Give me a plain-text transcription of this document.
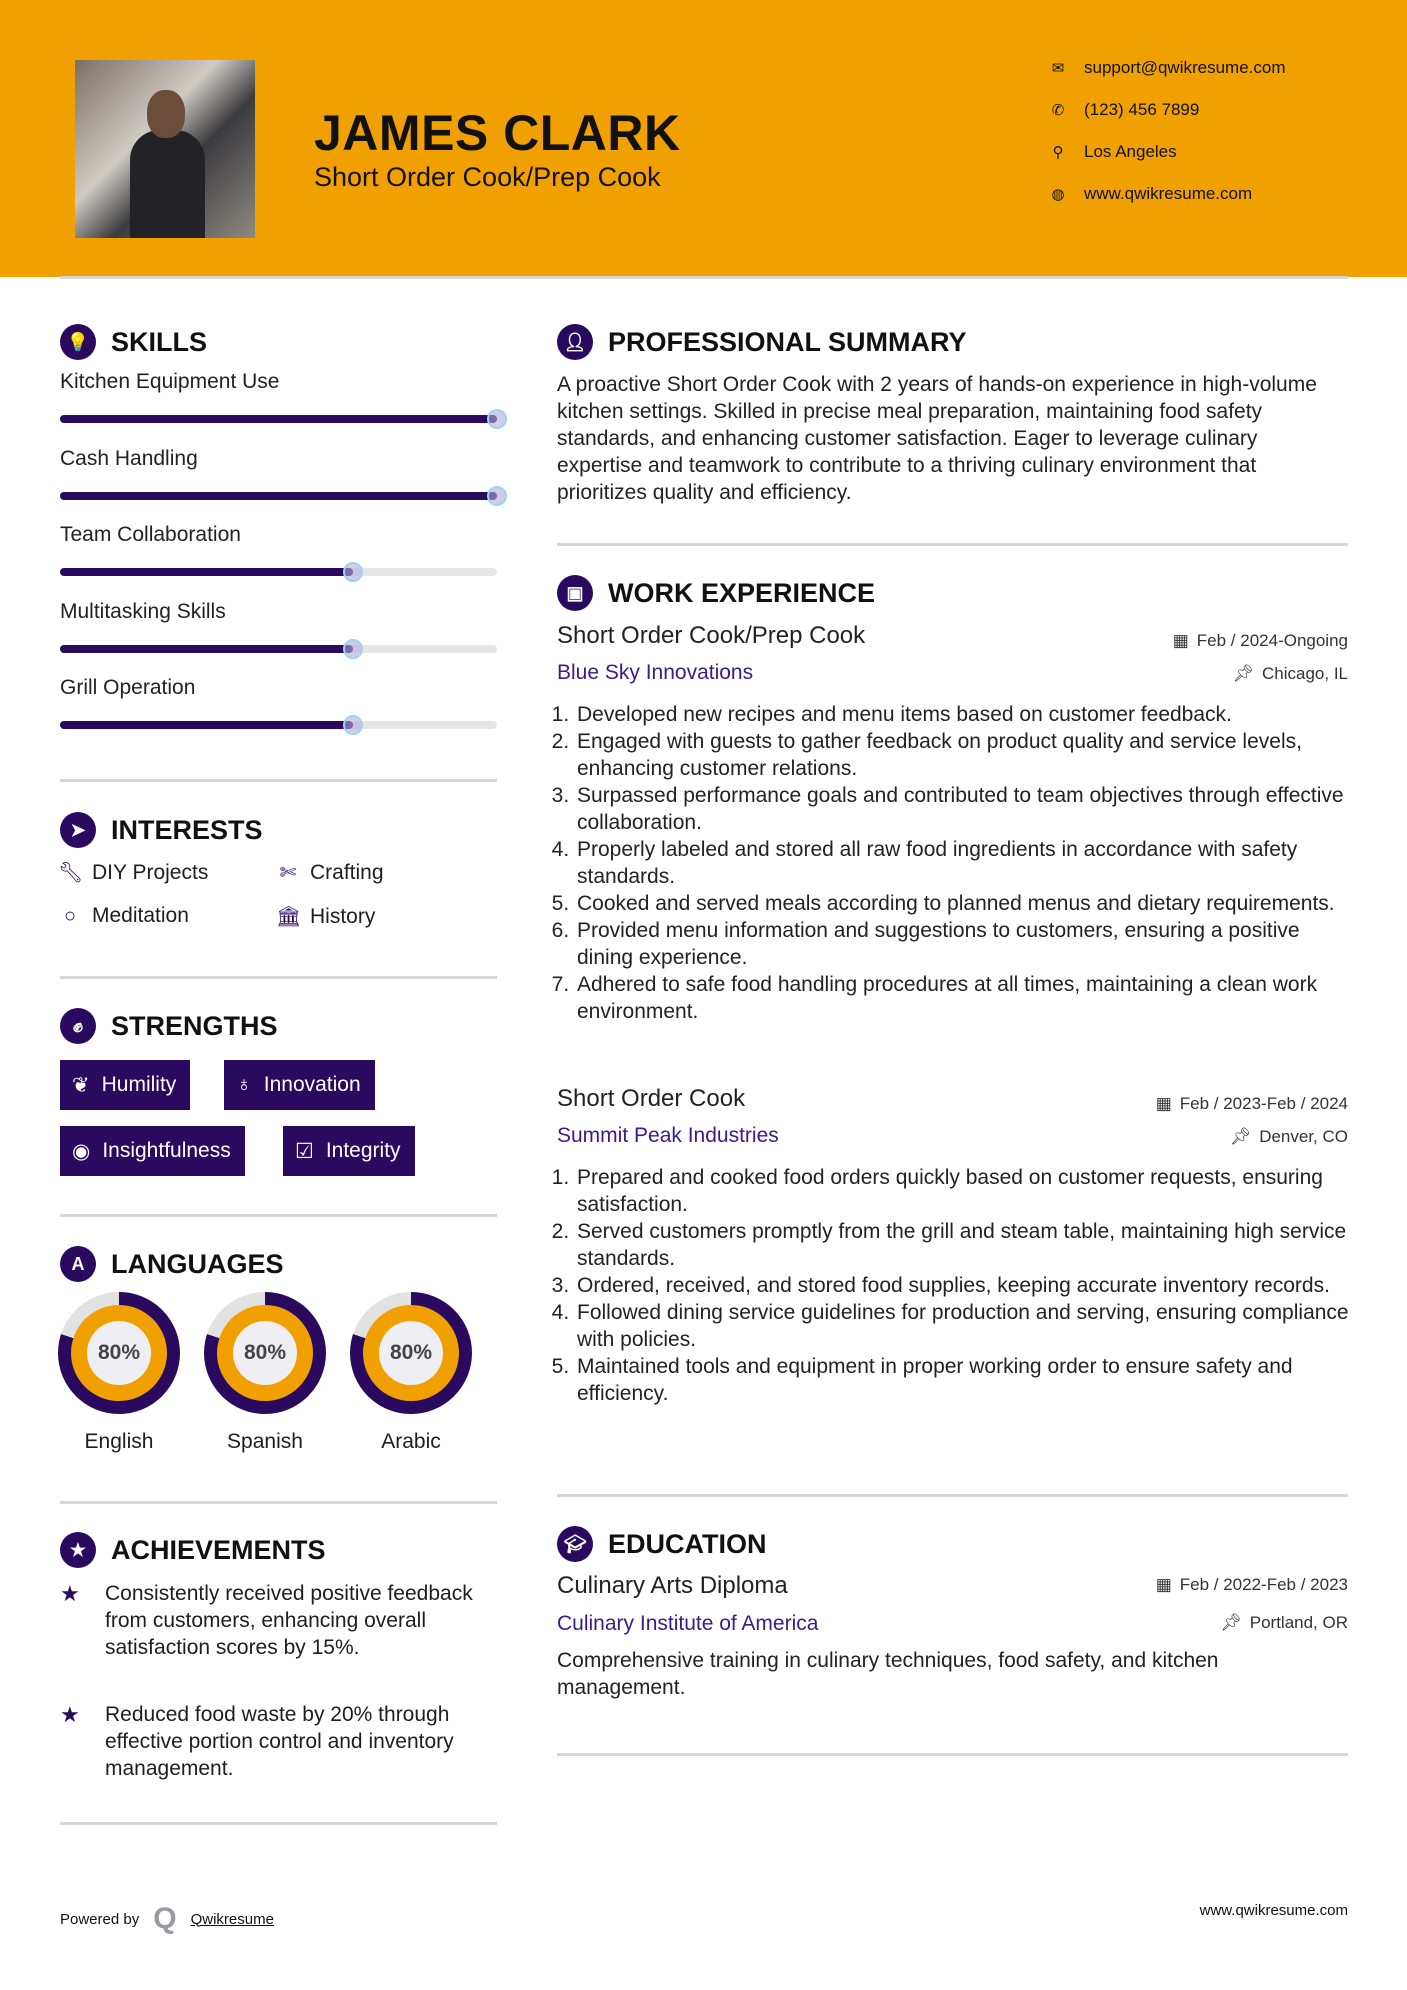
JAMES CLARK
Short Order Cook/Prep Cook
✉ support@qwikresume.com
✆ (123) 456 7899
⚲ Los Angeles
◍ www.qwikresume.com
💡 SKILLS
Kitchen Equipment Use
Cash Handling
Team Collaboration
Multitasking Skills
Grill Operation
➤ INTERESTS
🔧︎ DIY Projects	✄ Crafting
○ Meditation	🏛︎ History
✊︎	STRENGTHS
❦ Humility	♁ Innovation
◉ Insightfulness	☑ Integrity
A LANGUAGES
80%
English
80%
Spanish
80%
Arabic
★ ACHIEVEMENTS
★	Consistently received positive feedback from customers, enhancing overall satisfaction scores by 15%.
★	Reduced food waste by 20% through effective portion control and inventory management.
👤︎ PROFESSIONAL SUMMARY
A proactive Short Order Cook with 2 years of hands-on experience in high-volume kitchen settings. Skilled in precise meal preparation, maintaining food safety standards, and enhancing customer satisfaction. Eager to leverage culinary expertise and teamwork to contribute to a thriving culinary environment that prioritizes quality and efficiency.
▣ WORK EXPERIENCE
Short Order Cook/Prep Cook	▦ Feb / 2024-Ongoing
Blue Sky Innovations	📌︎ Chicago, IL
1. Developed new recipes and menu items based on customer feedback.
2. Engaged with guests to gather feedback on product quality and service levels, enhancing customer relations.
3. Surpassed performance goals and contributed to team objectives through effective collaboration.
4. Properly labeled and stored all raw food ingredients in accordance with safety standards.
5. Cooked and served meals according to planned menus and dietary requirements.
6. Provided menu information and suggestions to customers, ensuring a positive dining experience.
7. Adhered to safe food handling procedures at all times, maintaining a clean work environment.
Short Order Cook	▦ Feb / 2023-Feb / 2024
Summit Peak Industries	📌︎ Denver, CO
1. Prepared and cooked food orders quickly based on customer requests, ensuring satisfaction.
2. Served customers promptly from the grill and steam table, maintaining high service standards.
3. Ordered, received, and stored food supplies, keeping accurate inventory records.
4. Followed dining service guidelines for production and serving, ensuring compliance with policies.
5. Maintained tools and equipment in proper working order to ensure safety and efficiency.
🎓︎ EDUCATION
Culinary Arts Diploma	▦ Feb / 2022-Feb / 2023
Culinary Institute of America	📌︎ Portland, OR
Comprehensive training in culinary techniques, food safety, and kitchen management.
Powered by Q Qwikresume	www.qwikresume.com
